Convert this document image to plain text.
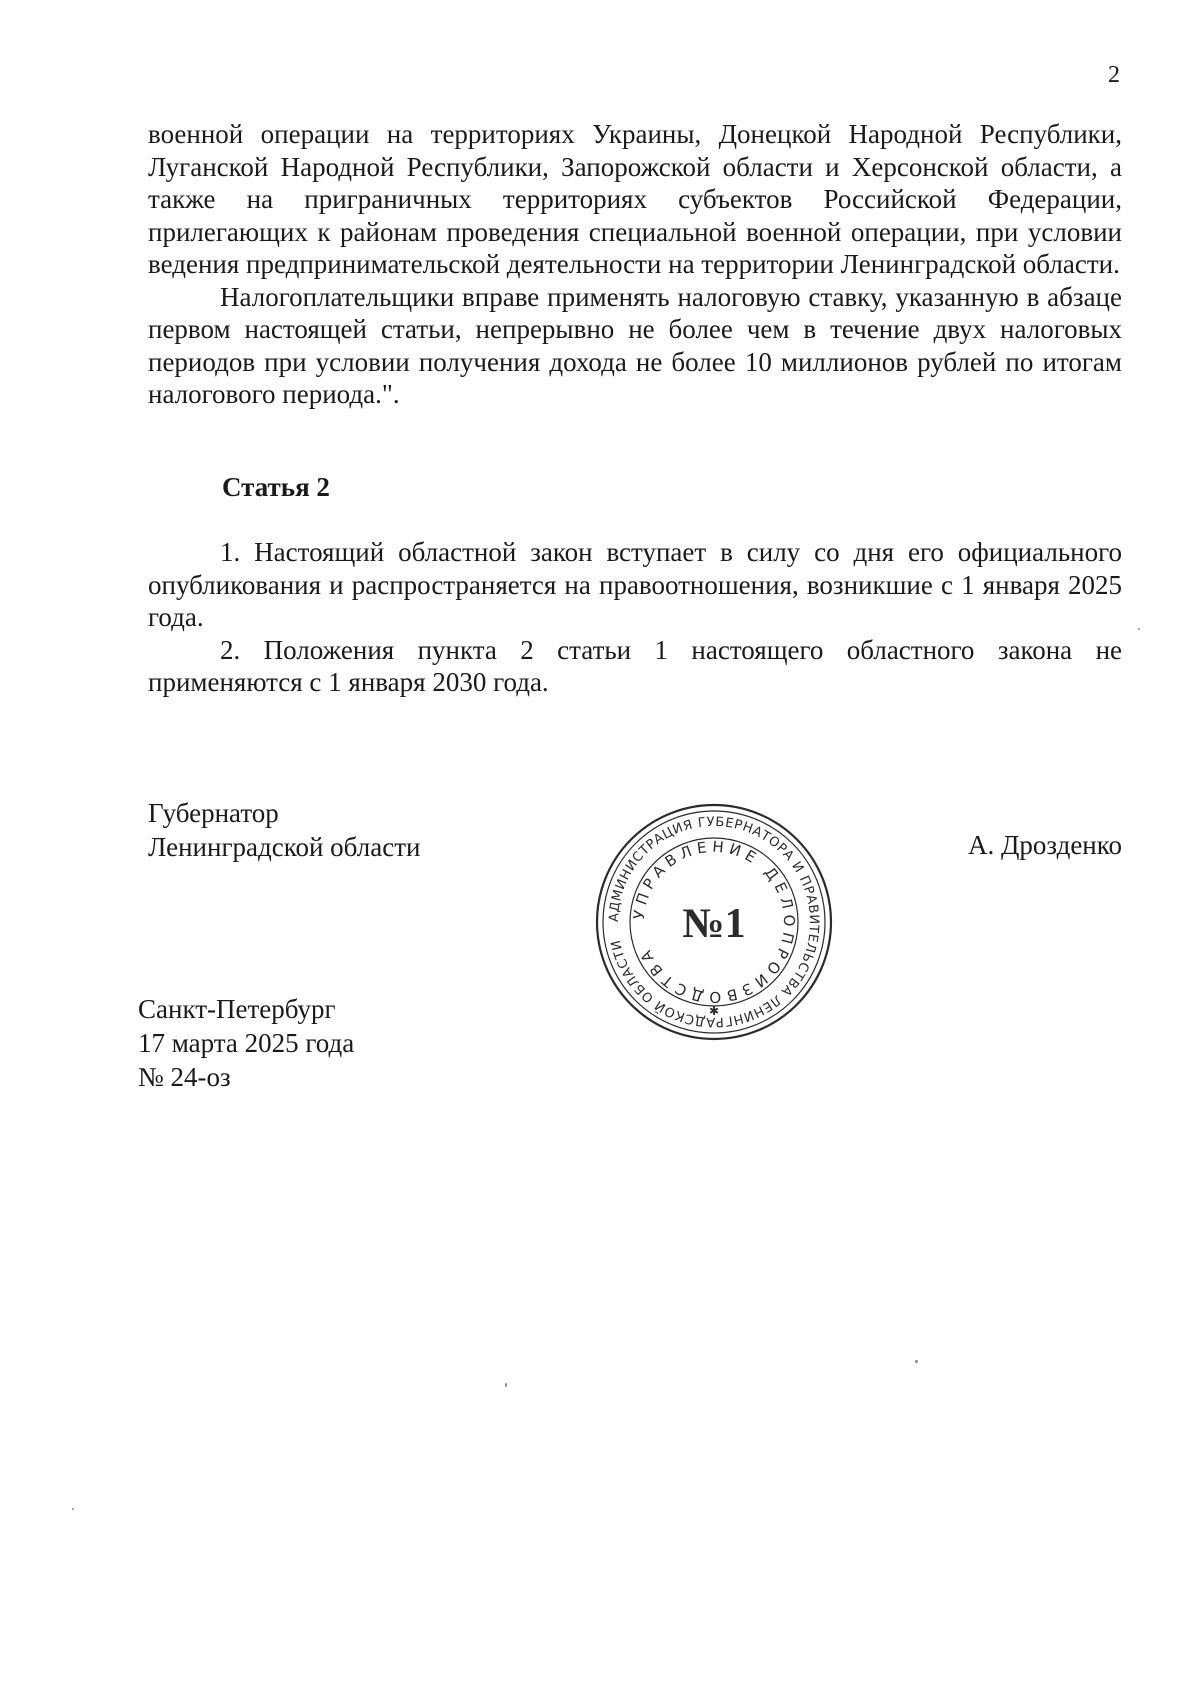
2

военной операции на территориях Украины, Донецкой Народной Республики, Луганской Народной Республики, Запорожской области и Херсонской области, а также на приграничных территориях субъектов Российской Федерации, прилегающих к районам проведения специальной военной операции, при условии ведения предпринимательской деятельности на территории Ленинградской области.

Налогоплательщики вправе применять налоговую ставку, указанную в абзаце первом настоящей статьи, непрерывно не более чем в течение двух налоговых периодов при условии получения дохода не более 10 миллионов рублей по итогам налогового периода.".

Статья 2

1. Настоящий областной закон вступает в силу со дня его официального опубликования и распространяется на правоотношения, возникшие с 1 января 2025 года.

2. Положения пункта 2 статьи 1 настоящего областного закона не применяются с 1 января 2030 года.

Губернатор
Ленинградской области	А. Дрозденко
АДМИНИСТРАЦИЯ ГУБЕРНАТОРА И ПРАВИТЕЛЬСТВА ЛЕНИНГРАДСКОЙ ОБЛАСТИ
УПРАВЛЕНИЕ ДЕЛОПРОИЗВОДСТВА
№1
✱
Санкт-Петербург
17 марта 2025 года
№ 24-оз
